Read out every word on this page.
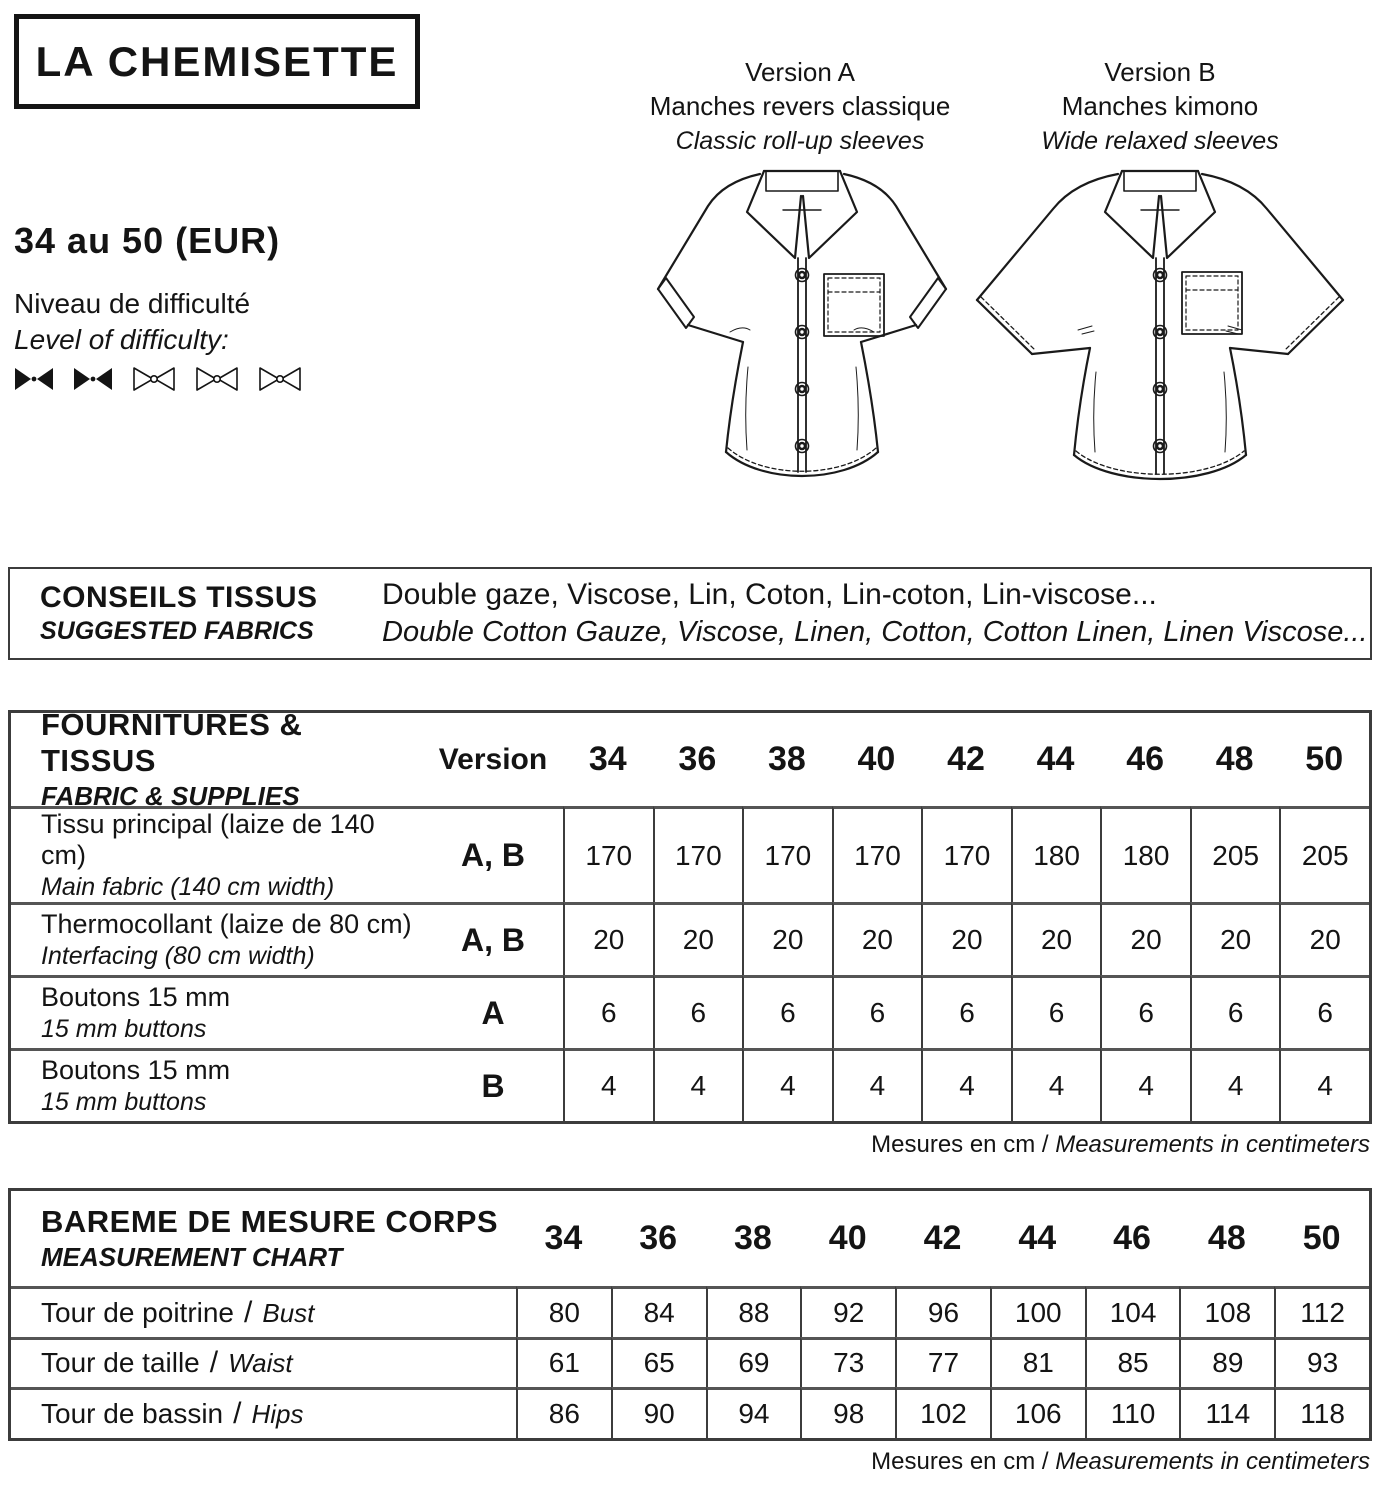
LA CHEMISETTE
34 au 50 (EUR)
Niveau de difficulté
Level of difficulty:
Version A
Manches revers classique
Classic roll-up sleeves
Version B
Manches kimono
Wide relaxed sleeves
CONSEILS TISSUS
SUGGESTED FABRICS
Double gaze, Viscose, Lin, Coton, Lin-coton, Lin-viscose...
Double Cotton Gauze, Viscose, Linen, Cotton, Cotton Linen, Linen Viscose...
FOURNITURES & TISSUS
FABRIC & SUPPLIES
Version	34	36	38	40	42	44	46	48	50
Tissu principal (laize de 140 cm)
Main fabric (140 cm width)
A, B	170	170	170	170	170	180	180	205	205
Thermocollant (laize de 80 cm)
Interfacing (80 cm width)	A, B	20	20	20	20	20	20	20	20	20
Boutons 15 mm
15 mm buttons	A	6	6	6	6	6	6	6	6	6
Boutons 15 mm
15 mm buttons	B	4	4	4	4	4	4	4	4	4
Mesures en cm / Measurements in centimeters
BAREME DE MESURE CORPS
MEASUREMENT CHART	34	36	38	40	42	44	46	48	50
Tour de poitrine / Bust	80	84	88	92	96	100	104	108	112
Tour de taille / Waist	61	65	69	73	77	81	85	89	93
Tour de bassin / Hips	86	90	94	98	102	106	110	114	118
Mesures en cm / Measurements in centimeters
